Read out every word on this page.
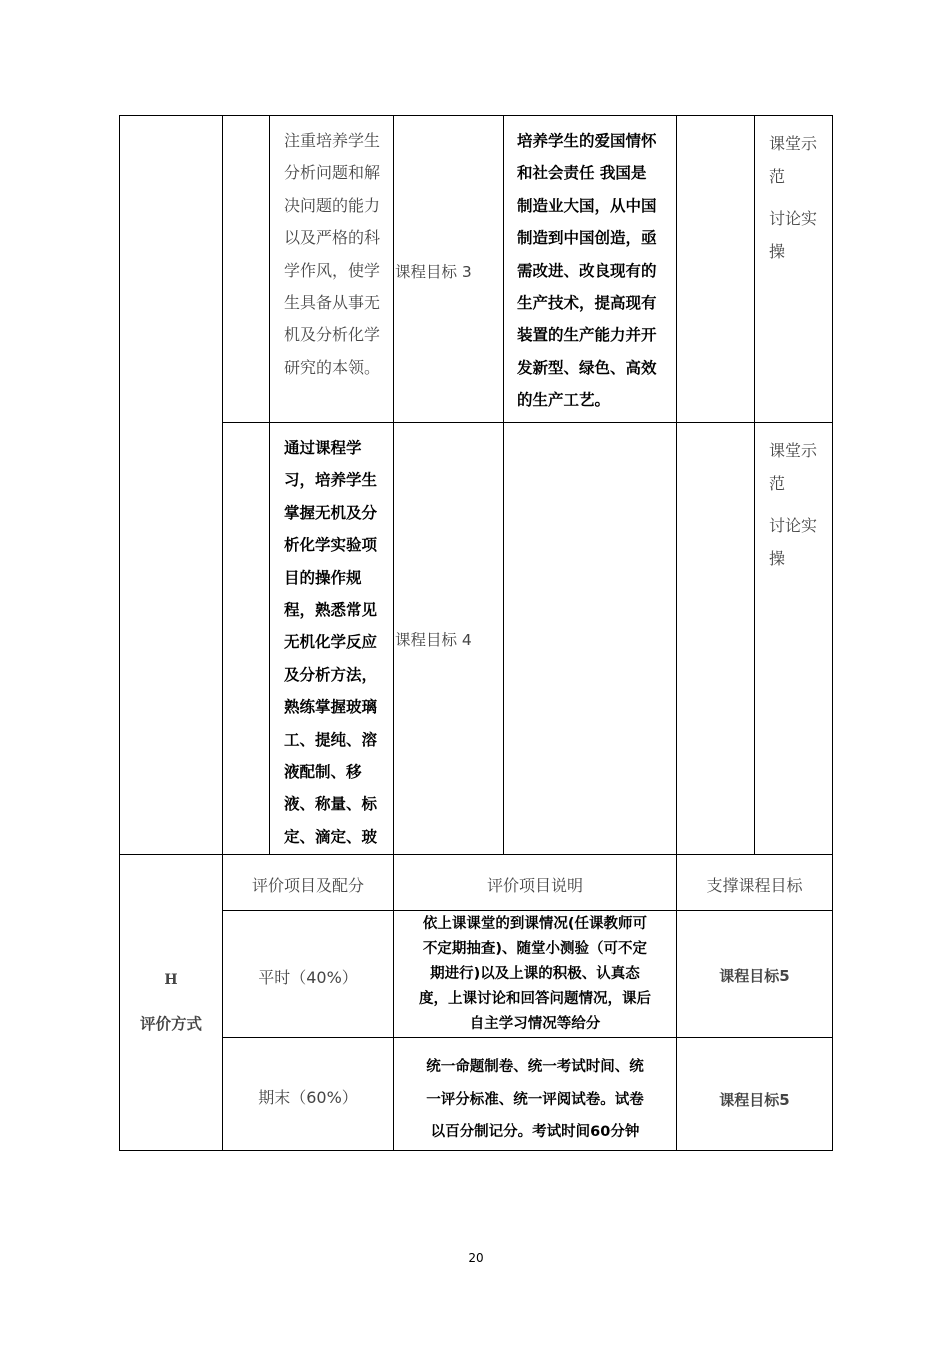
注重培养学生
分析问题和解
决问题的能力
以及严格的科
学作风，使学
生具备从事无
机及分析化学
研究的本领。
课程目标 3
培养学生的爱国情怀
和社会责任 我国是
制造业大国，从中国
制造到中国创造，亟
需改进、改良现有的
生产技术，提高现有
装置的生产能力并开
发新型、绿色、高效
的生产工艺。
课堂示
范
讨论实
操
通过课程学
习，培养学生
掌握无机及分
析化学实验项
目的操作规
程，熟悉常见
无机化学反应
及分析方法，
熟练掌握玻璃
工、提纯、溶
液配制、移
液、称量、标
定、滴定、玻
课程目标 4
课堂示
范
讨论实
操
H
评价方式
评价项目及配分	评价项目说明	支撑课程目标
平时（40%）
依上课课堂的到课情况(任课教师可
不定期抽查)、随堂小测验（可不定
期进行)以及上课的积极、认真态
度，上课讨论和回答问题情况，课后
自主学习情况等给分
课程目标5
期末（60%）
统一命题制卷、统一考试时间、统
一评分标准、统一评阅试卷。试卷
以百分制记分。考试时间60分钟
课程目标5
20
